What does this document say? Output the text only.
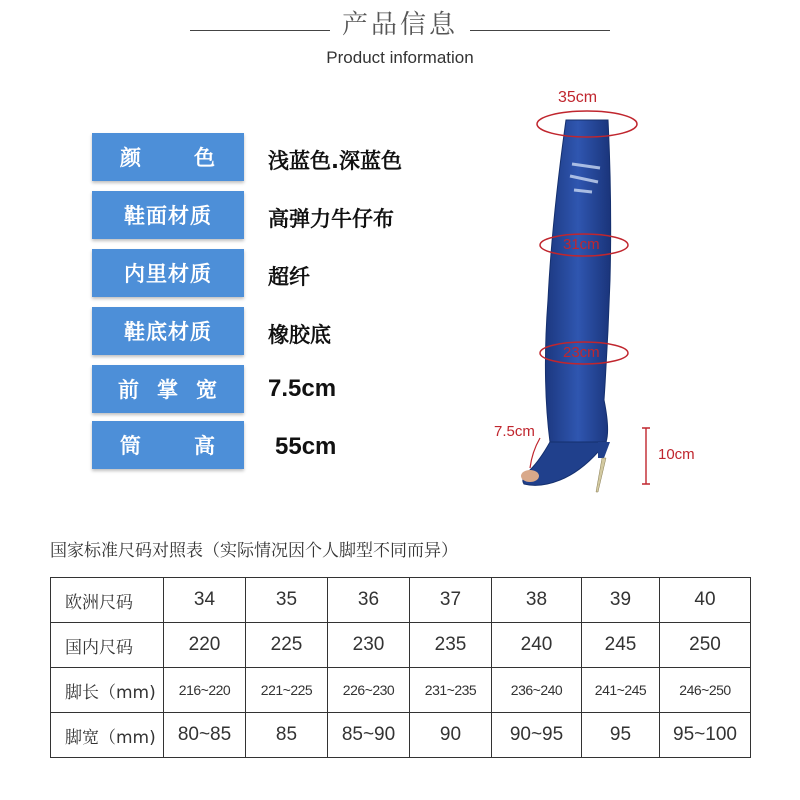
产品信息
Product information
颜 色 浅蓝色.深蓝色
鞋面材质	高弹力牛仔布
内里材质	超纤
鞋底材质	橡胶底
前 掌 宽 7.5cm
筒 高 55cm
35cm
31cm
23cm
7.5cm
10cm
国家标准尺码对照表（实际情况因个人脚型不同而异）
欧洲尺码	34	35	36	37	38	39	40
国内尺码	220	225	230	235	240	245	250
脚长（mm)	216~220	221~225	226~230	231~235	236~240	241~245	246~250
脚宽（mm)	80~85	85	85~90	90	90~95	95	95~100
